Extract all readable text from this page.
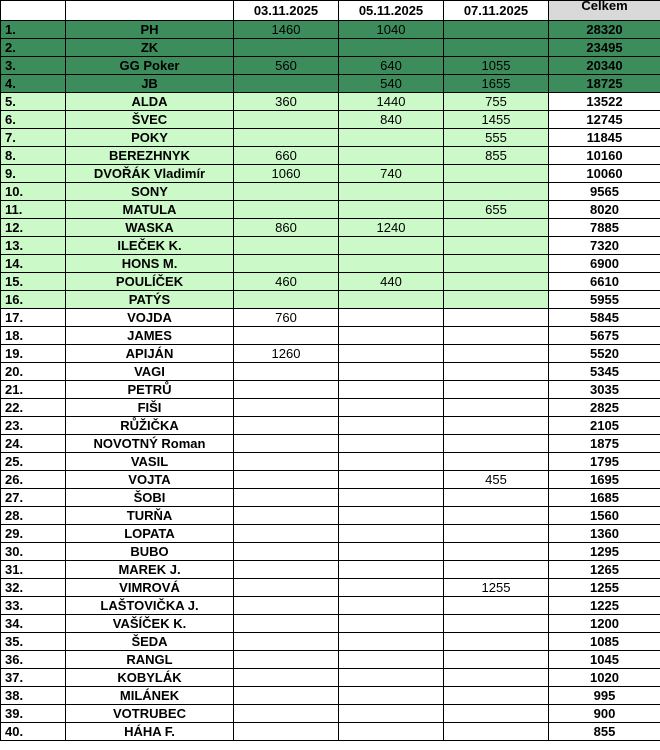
		03.11.2025	05.11.2025	07.11.2025	Celkem
1.	PH	1460	1040		28320
2.	ZK				23495
3.	GG Poker	560	640	1055	20340
4.	JB		540	1655	18725
5.	ALDA	360	1440	755	13522
6.	ŠVEC		840	1455	12745
7.	POKY			555	11845
8.	BEREZHNYK	660		855	10160
9.	DVOŘÁK Vladimír	1060	740		10060
10.	SONY				9565
11.	MATULA			655	8020
12.	WASKA	860	1240		7885
13.	ILEČEK K.				7320
14.	HONS M.				6900
15.	POULÍČEK	460	440		6610
16.	PATÝS				5955
17.	VOJDA	760			5845
18.	JAMES				5675
19.	APIJÁN	1260			5520
20.	VAGI				5345
21.	PETRŮ				3035
22.	FIŠI				2825
23.	RŮŽIČKA				2105
24.	NOVOTNÝ Roman				1875
25.	VASIL				1795
26.	VOJTA			455	1695
27.	ŠOBI				1685
28.	TURŇA				1560
29.	LOPATA				1360
30.	BUBO				1295
31.	MAREK J.				1265
32.	VIMROVÁ			1255	1255
33.	LAŠTOVIČKA J.				1225
34.	VAŠÍČEK K.				1200
35.	ŠEDA				1085
36.	RANGL				1045
37.	KOBYLÁK				1020
38.	MILÁNEK				995
39.	VOTRUBEC				900
40.	HÁHA F.				855
